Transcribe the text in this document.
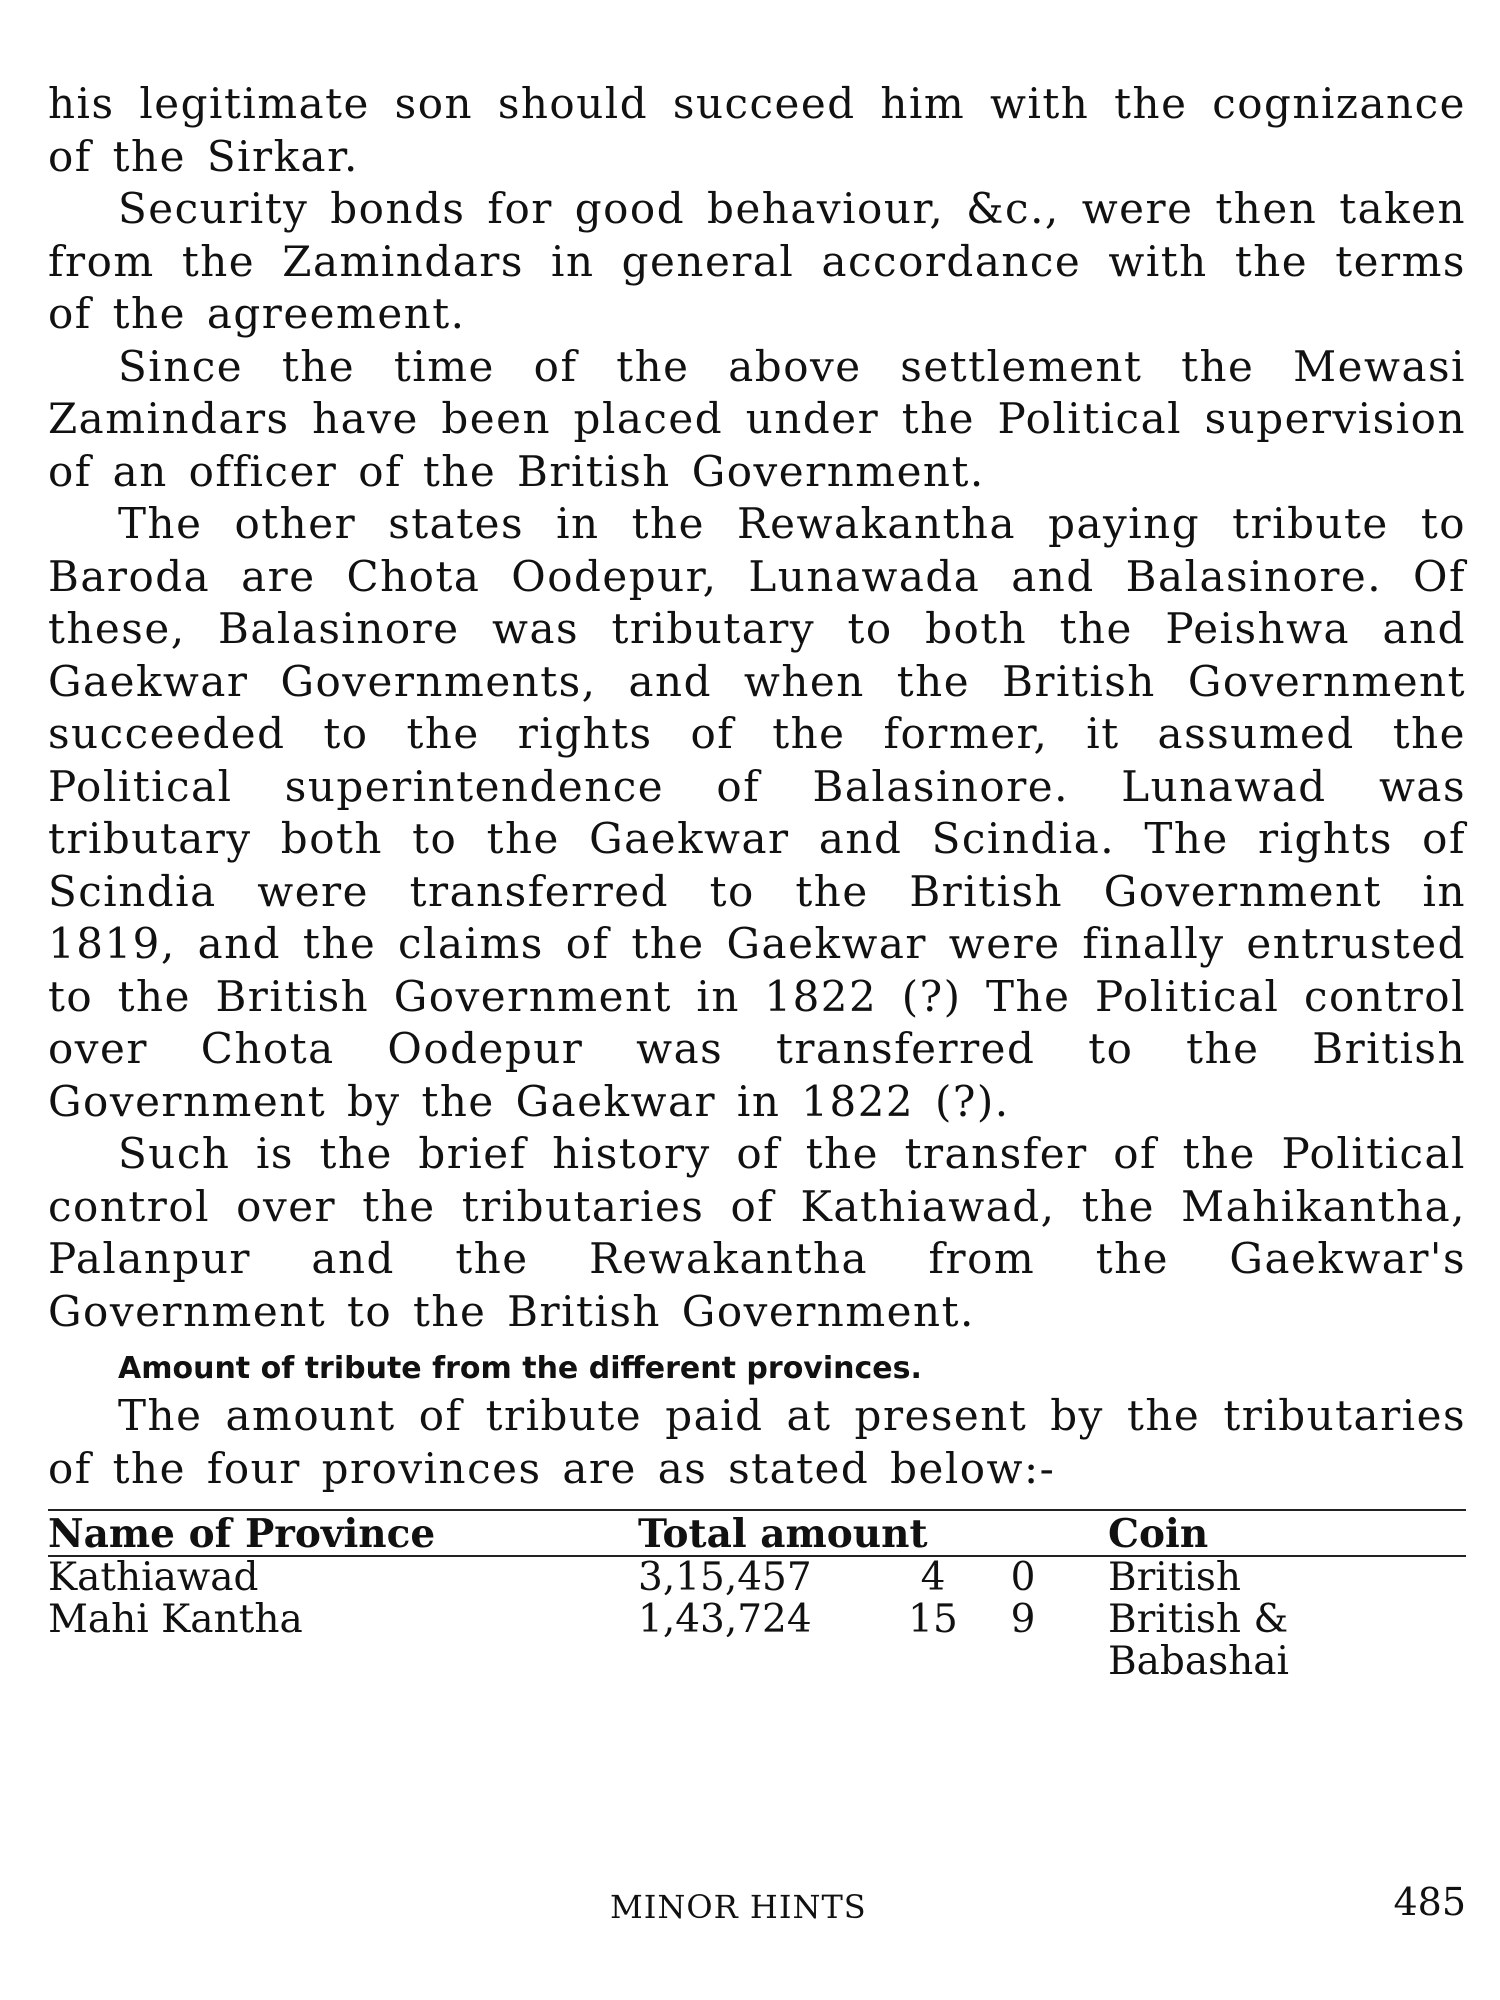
his legitimate son should succeed him with the cognizance of the Sirkar.

Security bonds for good behaviour, &c., were then taken from the Zamindars in general accordance with the terms of the agreement.

Since the time of the above settlement the Mewasi Zamindars have been placed under the Political supervision of an officer of the British Government.

The other states in the Rewakantha paying tribute to Baroda are Chota Oodepur, Lunawada and Balasinore. Of these, Balasinore was tributary to both the Peishwa and Gaekwar Governments, and when the British Government succeeded to the rights of the former, it assumed the Political superintendence of Balasinore. Lunawad was tributary both to the Gaekwar and Scindia. The rights of Scindia were transferred to the British Government in 1819, and the claims of the Gaekwar were finally entrusted to the British Government in 1822 (?) The Political control over Chota Oodepur was transferred to the British Government by the Gaekwar in 1822 (?).

Such is the brief history of the transfer of the Political control over the tributaries of Kathiawad, the Mahikantha, Palanpur and the Rewakantha from the Gaekwar's Government to the British Government.

Amount of tribute from the different provinces.

The amount of tribute paid at present by the tributaries of the four provinces are as stated below:-

Name of Province	Total amount			Coin
Kathiawad	3,15,457	4	0	British
Mahi Kantha	1,43,724	15	9	British & Babashai
MINOR HINTS	485
